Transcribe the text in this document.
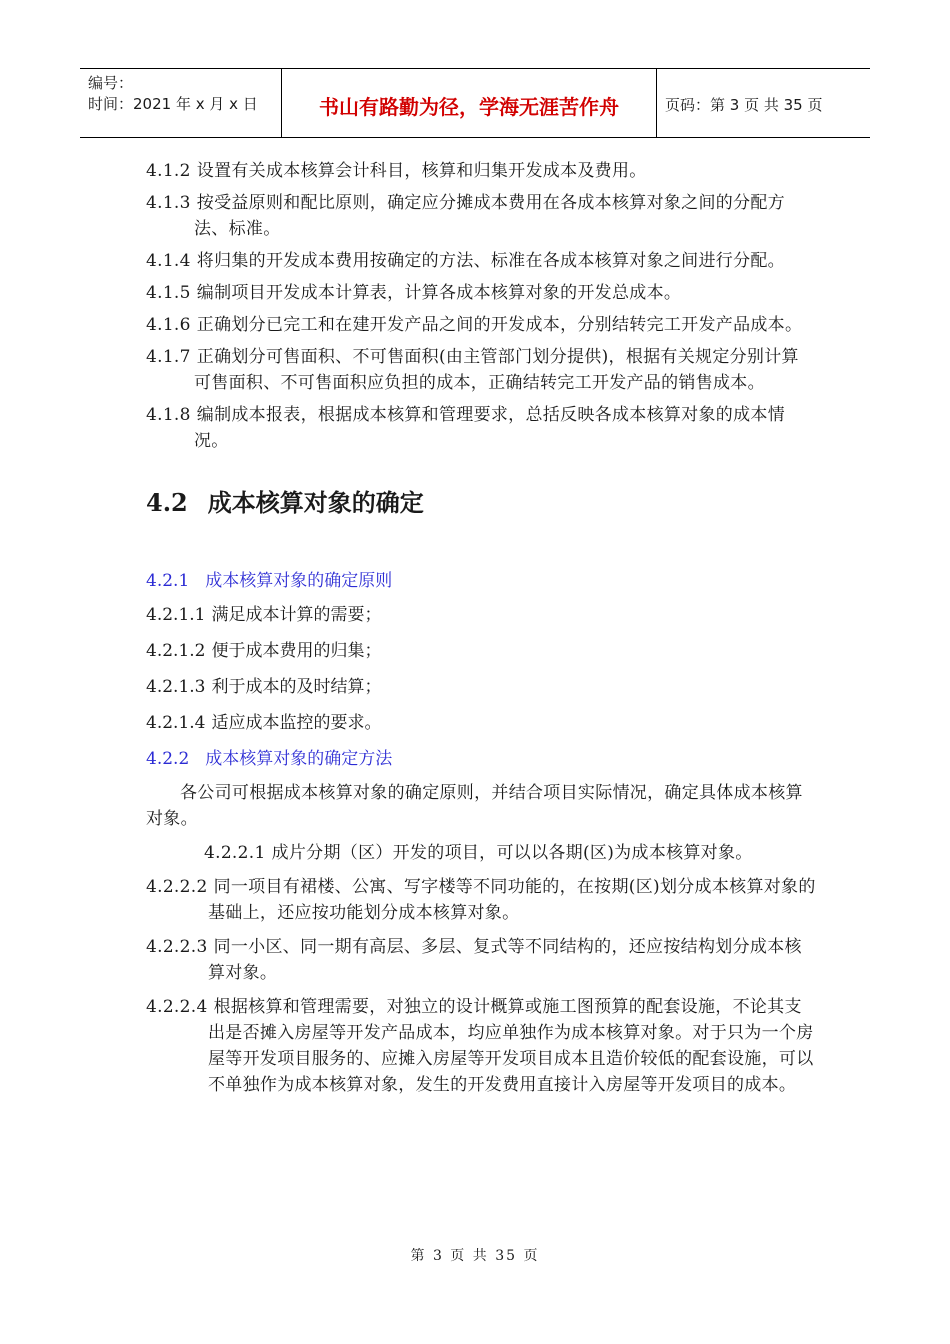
编号：
时间：2021 年 x 月 x 日	书山有路勤为径，学海无涯苦作舟	页码：第 3 页 共 35 页

4.1.2 设置有关成本核算会计科目，核算和归集开发成本及费用。

4.1.3 按受益原则和配比原则，确定应分摊成本费用在各成本核算对象之间的分配方法、标准。

4.1.4 将归集的开发成本费用按确定的方法、标准在各成本核算对象之间进行分配。

4.1.5 编制项目开发成本计算表，计算各成本核算对象的开发总成本。

4.1.6 正确划分已完工和在建开发产品之间的开发成本，分别结转完工开发产品成本。

4.1.7 正确划分可售面积、不可售面积(由主管部门划分提供)，根据有关规定分别计算可售面积、不可售面积应负担的成本，正确结转完工开发产品的销售成本。

4.1.8 编制成本报表，根据成本核算和管理要求，总括反映各成本核算对象的成本情况。

4.2 成本核算对象的确定
4.2.1 成本核算对象的确定原则
4.2.1.1 满足成本计算的需要；
4.2.1.2 便于成本费用的归集；
4.2.1.3 利于成本的及时结算；
4.2.1.4 适应成本监控的要求。
4.2.2 成本核算对象的确定方法

各公司可根据成本核算对象的确定原则，并结合项目实际情况，确定具体成本核算对象。

4.2.2.1 成片分期（区）开发的项目，可以以各期(区)为成本核算对象。

4.2.2.2 同一项目有裙楼、公寓、写字楼等不同功能的，在按期(区)划分成本核算对象的基础上，还应按功能划分成本核算对象。

4.2.2.3 同一小区、同一期有高层、多层、复式等不同结构的，还应按结构划分成本核算对象。

4.2.2.4 根据核算和管理需要，对独立的设计概算或施工图预算的配套设施，不论其支出是否摊入房屋等开发产品成本，均应单独作为成本核算对象。对于只为一个房屋等开发项目服务的、应摊入房屋等开发项目成本且造价较低的配套设施，可以不单独作为成本核算对象，发生的开发费用直接计入房屋等开发项目的成本。

第 3 页 共 35 页
